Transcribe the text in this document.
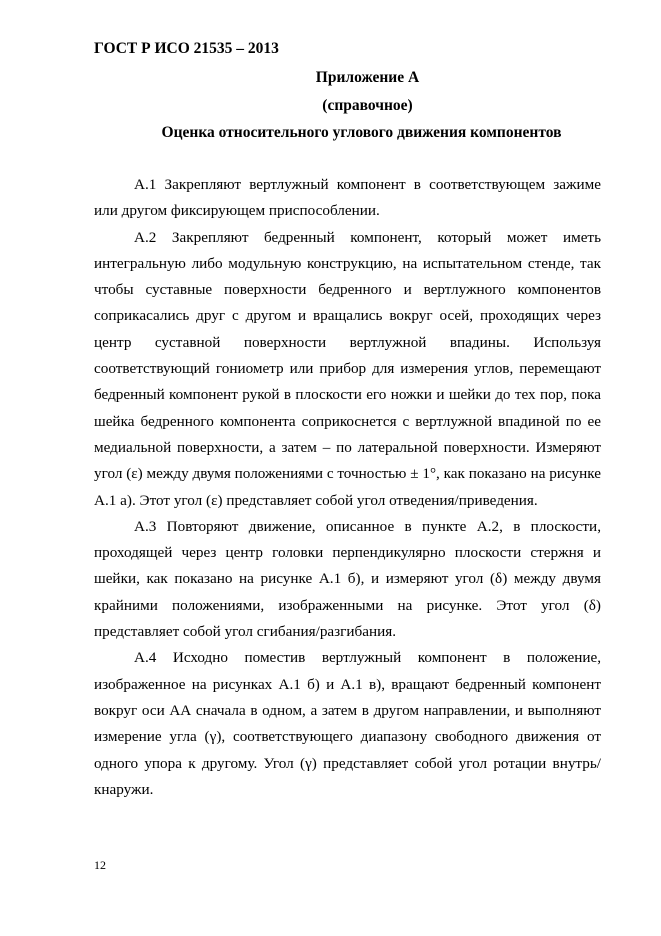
ГОСТ Р ИСО 21535 – 2013
Приложение А
(справочное)
Оценка относительного углового движения компонентов

А.1 Закрепляют вертлужный компонент в соответствующем зажиме или другом фиксирующем приспособлении.

А.2 Закрепляют бедренный компонент, который может иметь интегральную либо модульную конструкцию, на испытательном стенде, так чтобы суставные поверхности бедренного и вертлужного компонентов соприкасались друг с другом и вращались вокруг осей, проходящих через центр суставной поверхности вертлужной впадины. Используя соответствующий гониометр или прибор для измерения углов, перемещают бедренный компонент рукой в плоскости его ножки и шейки до тех пор, пока шейка бедренного компонента соприкоснется с вертлужной впадиной по ее медиальной поверхности, а затем – по латеральной поверхности. Измеряют угол (ε) между двумя положениями с точностью ± 1°, как показано на рисунке А.1 а). Этот угол (ε) представляет собой угол отведения/приведения.

А.3 Повторяют движение, описанное в пункте А.2, в плоскости, проходящей через центр головки перпендикулярно плоскости стержня и шейки, как показано на рисунке А.1 б), и измеряют угол (δ) между двумя крайними положениями, изображенными на рисунке. Этот угол (δ) представляет собой угол сгибания/разгибания.

А.4 Исходно поместив вертлужный компонент в положение, изображенное на рисунках А.1 б) и А.1 в), вращают бедренный компонент вокруг оси АА сначала в одном, а затем в другом направлении, и выполняют измерение угла (γ), соответствующего диапазону свободного движения от одного упора к другому. Угол (γ) представляет собой угол ротации внутрь/кнаружи.

12
